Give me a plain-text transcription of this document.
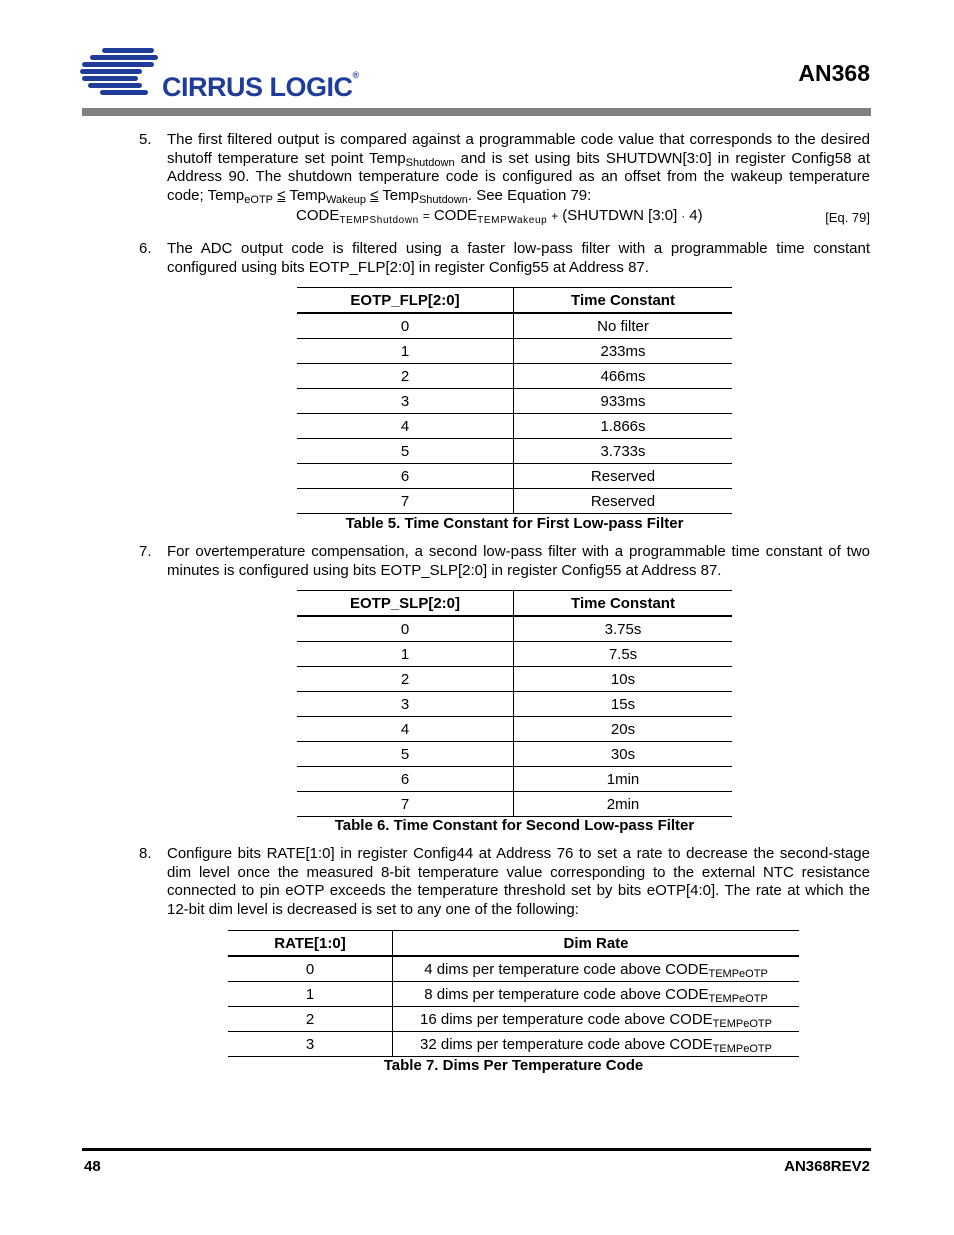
CIRRUS LOGIC®	AN368
5. The first filtered output is compared against a programmable code value that corresponds to the desired shutoff temperature set point Temp$_{Shutdown}$ and is set using bits SHUTDWN[3:0] in register Config58 at Address 90. The shutdown temperature code is configured as an offset from the wakeup temperature code; Temp$_{eOTP}$ ≤ Temp$_{Wakeup}$ ≤ Temp$_{Shutdown}$. See Equation 79:
$CODE_{TEMPShutdown}$ = $CODE_{TEMPWakeup}$ + (SHUTDWN [3:0] · 4)	[Eq. 79]
6. The ADC output code is filtered using a faster low-pass filter with a programmable time constant configured using bits EOTP_FLP[2:0] in register Config55 at Address 87.
EOTP_FLP[2:0]	Time Constant
0	No filter
1	233ms
2	466ms
3	933ms
4	1.866s
5	3.733s
6	Reserved
7	Reserved
Table 5. Time Constant for First Low-pass Filter
7. For overtemperature compensation, a second low-pass filter with a programmable time constant of two minutes is configured using bits EOTP_SLP[2:0] in register Config55 at Address 87.
EOTP_SLP[2:0]	Time Constant
0	3.75s
1	7.5s
2	10s
3	15s
4	20s
5	30s
6	1min
7	2min
Table 6. Time Constant for Second Low-pass Filter
8. Configure bits RATE[1:0] in register Config44 at Address 76 to set a rate to decrease the second-stage dim level once the measured 8-bit temperature value corresponding to the external NTC resistance connected to pin eOTP exceeds the temperature threshold set by bits eOTP[4:0]. The rate at which the 12-bit dim level is decreased is set to any one of the following:
RATE[1:0]	Dim Rate
0	4 dims per temperature code above $CODE_{TEMPeOTP}$
1	8 dims per temperature code above $CODE_{TEMPeOTP}$
2	16 dims per temperature code above $CODE_{TEMPeOTP}$
3	32 dims per temperature code above $CODE_{TEMPeOTP}$
Table 7. Dims Per Temperature Code
48	AN368REV2
